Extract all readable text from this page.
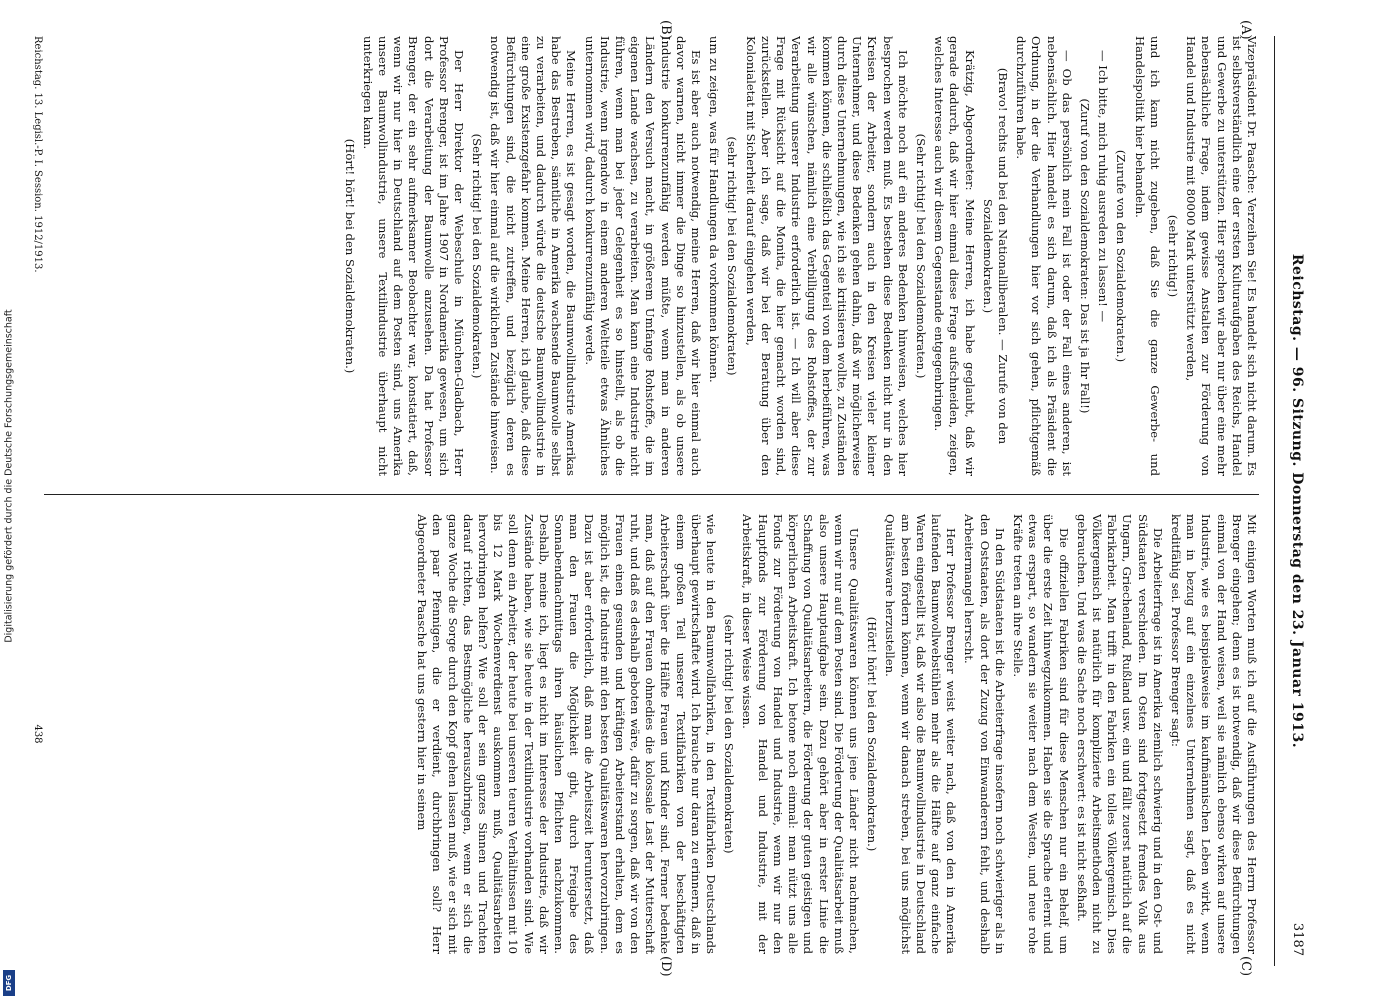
Digitalisierung gefördert durch die Deutsche Forschungsgemeinschaft
DFG
Reichstag. — 96. Sitzung. Donnerstag den 23. Januar 1913.
3187
(A)
(B)
(C)
(D)

Vizepräsident Dr. Paasche: Verzeihen Sie! Es handelt sich nicht darum. Es ist selbstverständlich eine der ersten Kulturaufgaben des Reichs, Handel und Gewerbe zu unterstützen. Hier sprechen wir aber nur über eine mehr nebensächliche Frage, indem gewisse Anstalten zur Förderung von Handel und Industrie mit 80000 Mark unterstützt werden,

(sehr richtig!)

und ich kann nicht zugeben, daß Sie die ganze Gewerbe- und Handelspolitik hier behandeln.

(Zurufe von den Sozialdemokraten.)

— Ich bitte, mich ruhig ausreden zu lassen! —

(Zuruf von den Sozialdemokraten: Das ist ja Ihr Fall!)

— Ob das persönlich mein Fall ist oder der Fall eines anderen, ist nebensächlich. Hier handelt es sich darum, daß ich als Präsident die Ordnung, in der die Verhandlungen hier vor sich gehen, pflichtgemäß durchzuführen habe.

(Bravo! rechts und bei den Nationalliberalen. — Zurufe von den Sozialdemokraten.)

Krätzig, Abgeordneter: Meine Herren, ich habe geglaubt, daß wir gerade dadurch, daß wir hier einmal diese Frage aufschneiden, zeigen, welches Interesse auch wir diesem Gegenstande entgegenbringen.

(Sehr richtig! bei den Sozialdemokraten.)

Ich möchte noch auf ein anderes Bedenken hinweisen, welches hier besprochen werden muß. Es bestehen diese Bedenken nicht nur in den Kreisen der Arbeiter, sondern auch in den Kreisen vieler kleiner Unternehmer, und diese Bedenken gehen dahin, daß wir möglicherweise durch diese Unternehmungen, wie ich sie kritisieren wollte, zu Zuständen kommen können, die schließlich das Gegenteil von dem herbeiführen, was wir alle wünschen, nämlich eine Verbilligung des Rohstoffes, der zur Verarbeitung unserer Industrie erforderlich ist. — Ich will aber diese Frage mit Rücksicht auf die Monita, die hier gemacht worden sind, zurückstellen. Aber ich sage, daß wir bei der Beratung über den Kolonialetat mit Sicherheit darauf eingehen werden,

(sehr richtig! bei den Sozialdemokraten)

um zu zeigen, was für Handlungen da vorkommen können.

Es ist aber auch notwendig, meine Herren, daß wir hier einmal auch davor warnen, nicht immer die Dinge so hinzustellen, als ob unsere Industrie konkurrenzunfähig werden müßte, wenn man in anderen Ländern den Versuch macht, in größerem Umfange Rohstoffe, die im eigenen Lande wachsen, zu verarbeiten. Man kann eine Industrie nicht führen, wenn man bei jeder Gelegenheit es so hinstellt, als ob die Industrie, wenn irgendwo in einem anderen Weltteile etwas Ähnliches unternommen wird, dadurch konkurrenzunfähig werde.

Meine Herren, es ist gesagt worden, die Baumwollindustrie Amerikas habe das Bestreben, sämtliche in Amerika wachsende Baumwolle selbst zu verarbeiten, und dadurch würde die deutsche Baumwollindustrie in eine große Existenzgefahr kommen. Meine Herren, ich glaube, daß diese Befürchtungen sind, die nicht zutreffen, und bezüglich deren es notwendig ist, daß wir hier einmal auf die wirklichen Zustände hinweisen.

(Sehr richtig! bei den Sozialdemokraten.)

Der Herr Direktor der Webeschule in München-Gladbach, Herr Professor Brenger, ist im Jahre 1907 in Nordamerika gewesen, um sich dort die Verarbeitung der Baumwolle anzusehen. Da hat Professor Brenger, der ein sehr aufmerksamer Beobachter war, konstatiert, daß, wenn wir nur hier in Deutschland auf dem Posten sind, uns Amerika unsere Baumwollindustrie, unsere Textilindustrie überhaupt nicht unterkriegen kann.

(Hört! hört! bei den Sozialdemokraten.)

Mit einigen Worten muß ich auf die Ausführungen des Herrn Professor Brenger eingehen; denn es ist notwendig, daß wir diese Befürchtungen einmal von der Hand weisen, weil sie nämlich ebenso wirken auf unsere Industrie, wie es beispielsweise im kaufmännischen Leben wirkt, wenn man in bezug auf ein einzelnes Unternehmen sagt, daß es nicht kreditfähig sei. Professor Brenger sagt:

Die Arbeiterfrage ist in Amerika ziemlich schwierig und in den Ost- und Südstaaten verschieden. Im Osten sind fortgesetzt fremdes Volk aus Ungarn, Griechenland, Rußland usw. ein und fällt zuerst natürlich auf die Fabrikarbeit. Man trifft in den Fabriken ein tolles Völkergemisch. Dies Völkergemisch ist natürlich für komplizierte Arbeitsmethoden nicht zu gebrauchen. Und was die Sache noch erschwert: es ist nicht seßhaft.

Die offiziellen Fabriken sind für diese Menschen nur ein Behelf, um über die erste Zeit hinwegzukommen. Haben sie die Sprache erlernt und etwas erspart, so wandern sie weiter nach dem Westen, und neue rohe Kräfte treten an ihre Stelle.

In den Südstaaten ist die Arbeiterfrage insofern noch schwieriger als in den Oststaaten, als dort der Zuzug von Einwanderern fehlt, und deshalb Arbeitermangel herrscht.

Herr Professor Brenger weist weiter nach, daß von den in Amerika laufenden Baumwollwebstühlen mehr als die Hälfte auf ganz einfache Waren eingestellt ist, daß wir also die Baumwollindustrie in Deutschland am besten fördern können, wenn wir danach streben, bei uns möglichst Qualitätsware herzustellen.

(Hört! hört! bei den Sozialdemokraten.)

Unsere Qualitätswaren können uns jene Länder nicht nachmachen, wenn wir nur auf dem Posten sind. Die Förderung der Qualitätsarbeit muß also unsere Hauptaufgabe sein. Dazu gehört aber in erster Linie die Schaffung von Qualitätsarbeitern, die Förderung der guten geistigen und körperlichen Arbeitskraft. Ich betone noch einmal: man nützt uns alle Fonds zur Förderung von Handel und Industrie, wenn wir nur den Hauptfonds zur Förderung von Handel und Industrie, mit der Arbeitskraft, in dieser Weise wissen.

(sehr richtig! bei den Sozialdemokraten)

wie heute in den Baumwollfabriken, in den Textilfabriken Deutschlands überhaupt gewirtschaftet wird. Ich brauche nur daran zu erinnern, daß in einem großen Teil unserer Textilfabriken von der beschäftigten Arbeiterschaft über die Hälfte Frauen und Kinder sind. Ferner bedenke man, daß auf den Frauen ohnedies die kolossale Last der Mutterschaft ruht, und daß es deshalb geboten wäre, dafür zu sorgen, daß wir von den Frauen einen gesunden und kräftigen Arbeiterstand erhalten, dem es möglich ist, die Industrie mit den besten Qualitätswaren hervorzubringen. Dazu ist aber erforderlich, daß man die Arbeitszeit heruntersetzt, daß man den Frauen die Möglichkeit gibt, durch Freigabe des Sonnabendnachmittags ihren häuslichen Pflichten nachzukommen. Deshalb, meine ich, liegt es nicht im Interesse der Industrie, daß wir Zustände haben, wie sie heute in der Textilindustrie vorhanden sind. Wie soll denn ein Arbeiter, der heute bei unseren teuren Verhältnissen mit 10 bis 12 Mark Wochenverdienst auskommen muß, Qualitätsarbeiten hervorbringen helfen? Wie soll der sein ganzes Sinnen und Trachten darauf richten, das Bestmögliche herauszubringen, wenn er sich die ganze Woche die Sorge durch den Kopf gehen lassen muß, wie er sich mit den paar Pfennigen, die er verdient, durchbringen soll? Herr Abgeordneter Paasche hat uns gestern hier in seinem

Reichstag. 13. Legisl.-P. I. Session. 1912/1913.
438
